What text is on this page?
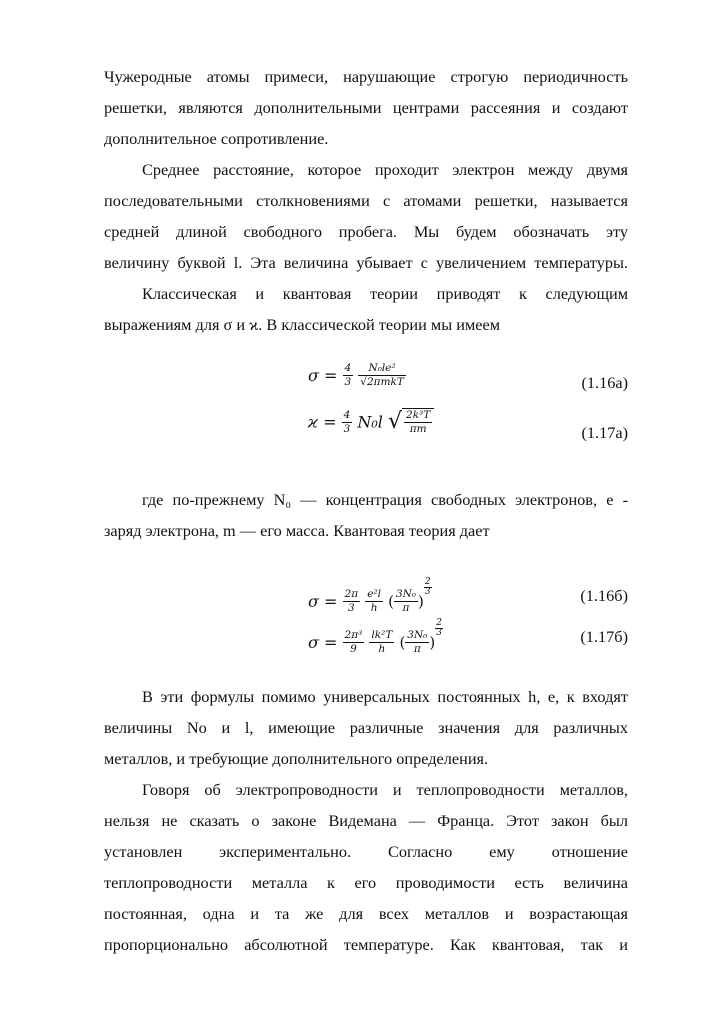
Чужеродные атомы примеси, нарушающие строгую периодичность
решетки, являются дополнительными центрами рассеяния и создают
дополнительное сопротивление.
Среднее расстояние, которое проходит электрон между двумя
последовательными столкновениями с атомами решетки, называется
средней длиной свободного пробега. Мы будем обозначать эту
величину буквой l. Эта величина убывает с увеличением температуры.
Классическая и квантовая теории приводят к следующим
выражениям для σ и ϰ. В классической теории мы имеем
$\sigma = \frac{4}{3}$
$\frac{\text{N₀le²}}{\text{√2πmkT}}$	(1.16а)
$ϰ = \frac{4}{3} N_0l$ √ $\frac{\text{2k³T}}{\pi m}$	(1.17а)
где по-прежнему N₀ — концентрация свободных электронов, е -
заряд электрона, m — его масса. Квантовая теория дает
$\sigma = \frac{2\pi}{3}$
$\frac{\text{e²l}}{h}$ ( $\frac{\text{3N₀}}{\pi}$ )
$\frac{2}{3}$	(1.16б)
$\sigma = \frac{\text{2π³}}{9}$
$\frac{\text{lk²T}}{h}$ ( $\frac{\text{3N₀}}{\pi}$ )
$\frac{2}{3}$	(1.17б)
В эти формулы помимо универсальных постоянных h, e, к входят
величины No и l, имеющие различные значения для различных
металлов, и требующие дополнительного определения.
Говоря об электропроводности и теплопроводности металлов,
нельзя не сказать о законе Видемана — Франца. Этот закон был
установлен экспериментально. Согласно ему отношение
теплопроводности металла к его проводимости есть величина
постоянная, одна и та же для всех металлов и возрастающая
пропорционально абсолютной температуре. Как квантовая, так и
